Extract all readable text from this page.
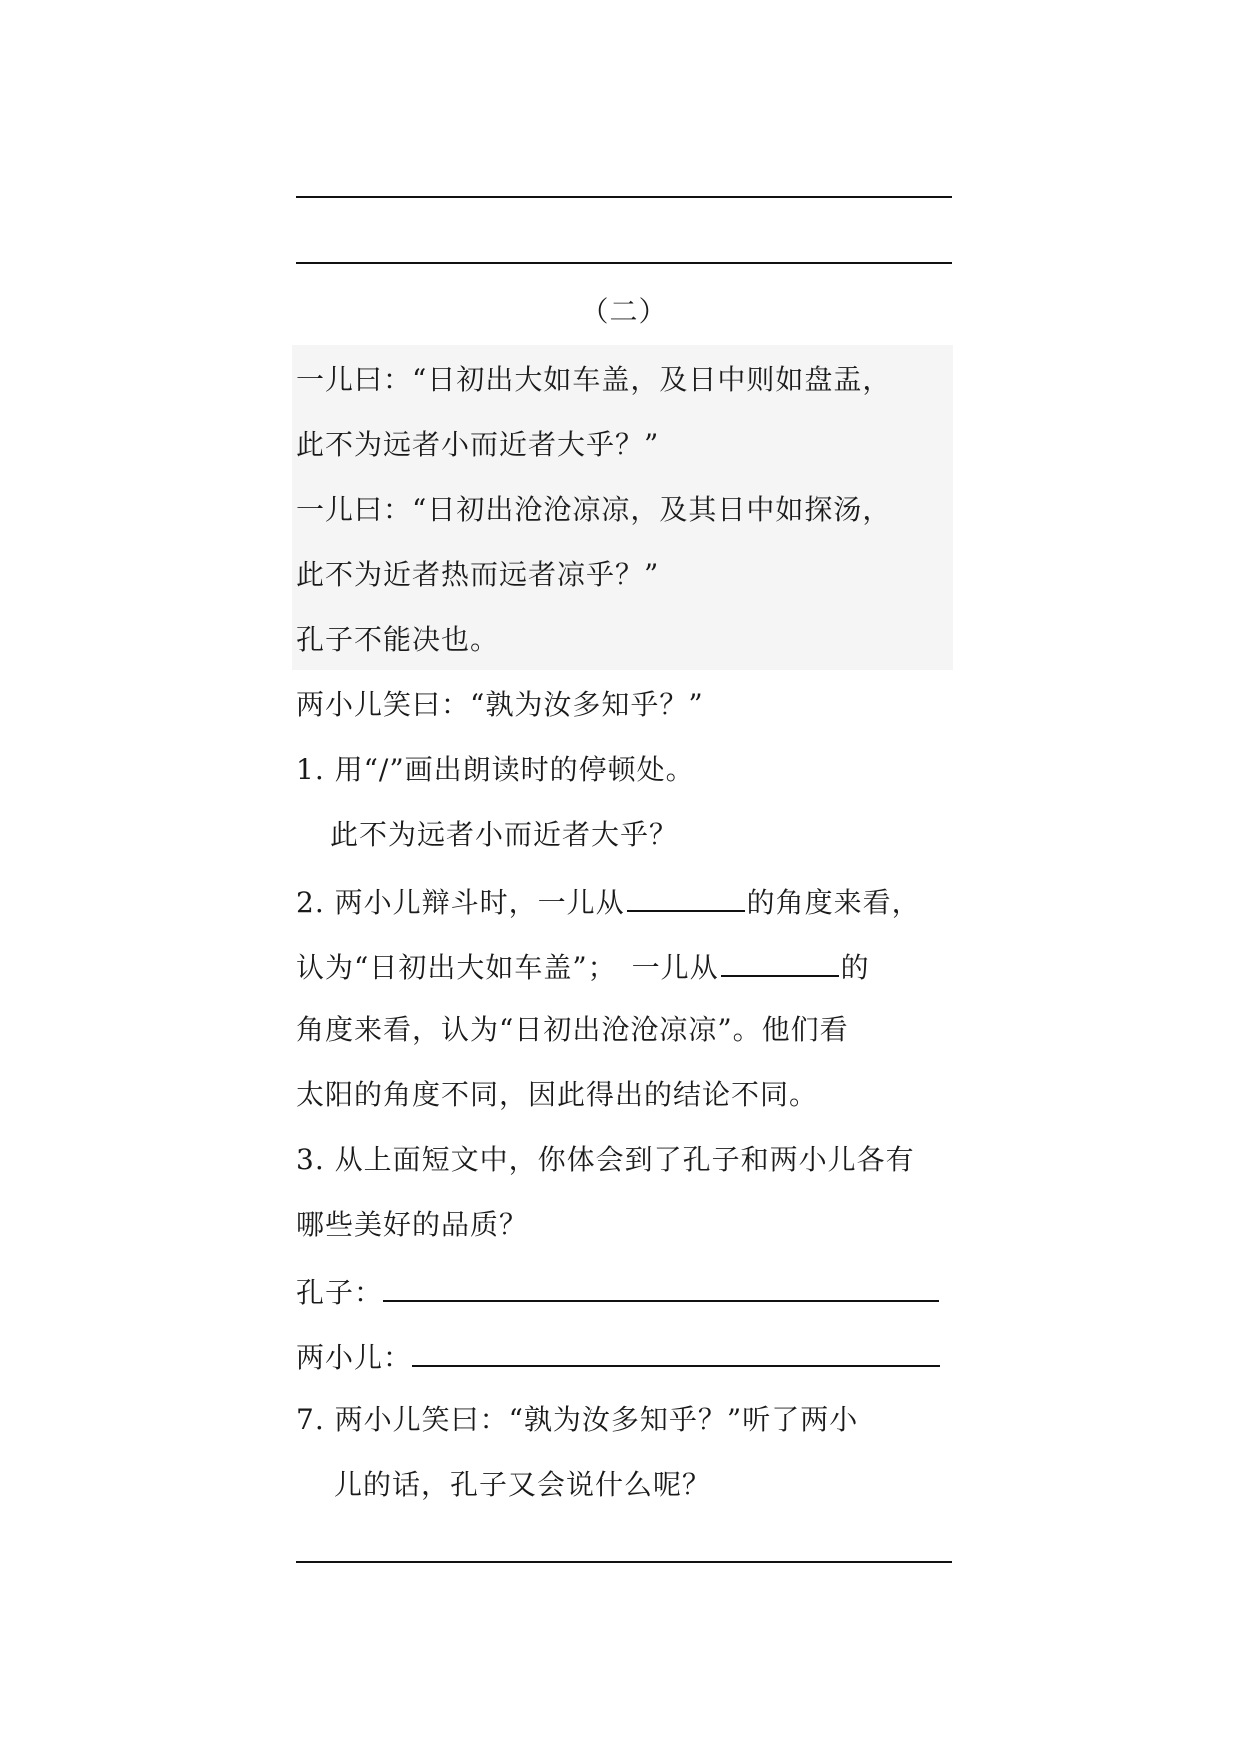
（二）
一儿曰：“日初出大如车盖，及日中则如盘盂，
此不为远者小而近者大乎？”
一儿曰：“日初出沧沧凉凉，及其日中如探汤，
此不为近者热而远者凉乎？”
孔子不能决也。
两小儿笑曰：“孰为汝多知乎？”
1. 用“/”画出朗读时的停顿处。
此不为远者小而近者大乎？
2. 两小儿辩斗时，一儿从	的角度来看，
认为“日初出大如车盖”；　一儿从	的
角度来看，认为“日初出沧沧凉凉”。他们看
太阳的角度不同，因此得出的结论不同。
3. 从上面短文中，你体会到了孔子和两小儿各有
哪些美好的品质？
孔子：
两小儿：
7. 两小儿笑曰：“孰为汝多知乎？”听了两小
儿的话，孔子又会说什么呢？
